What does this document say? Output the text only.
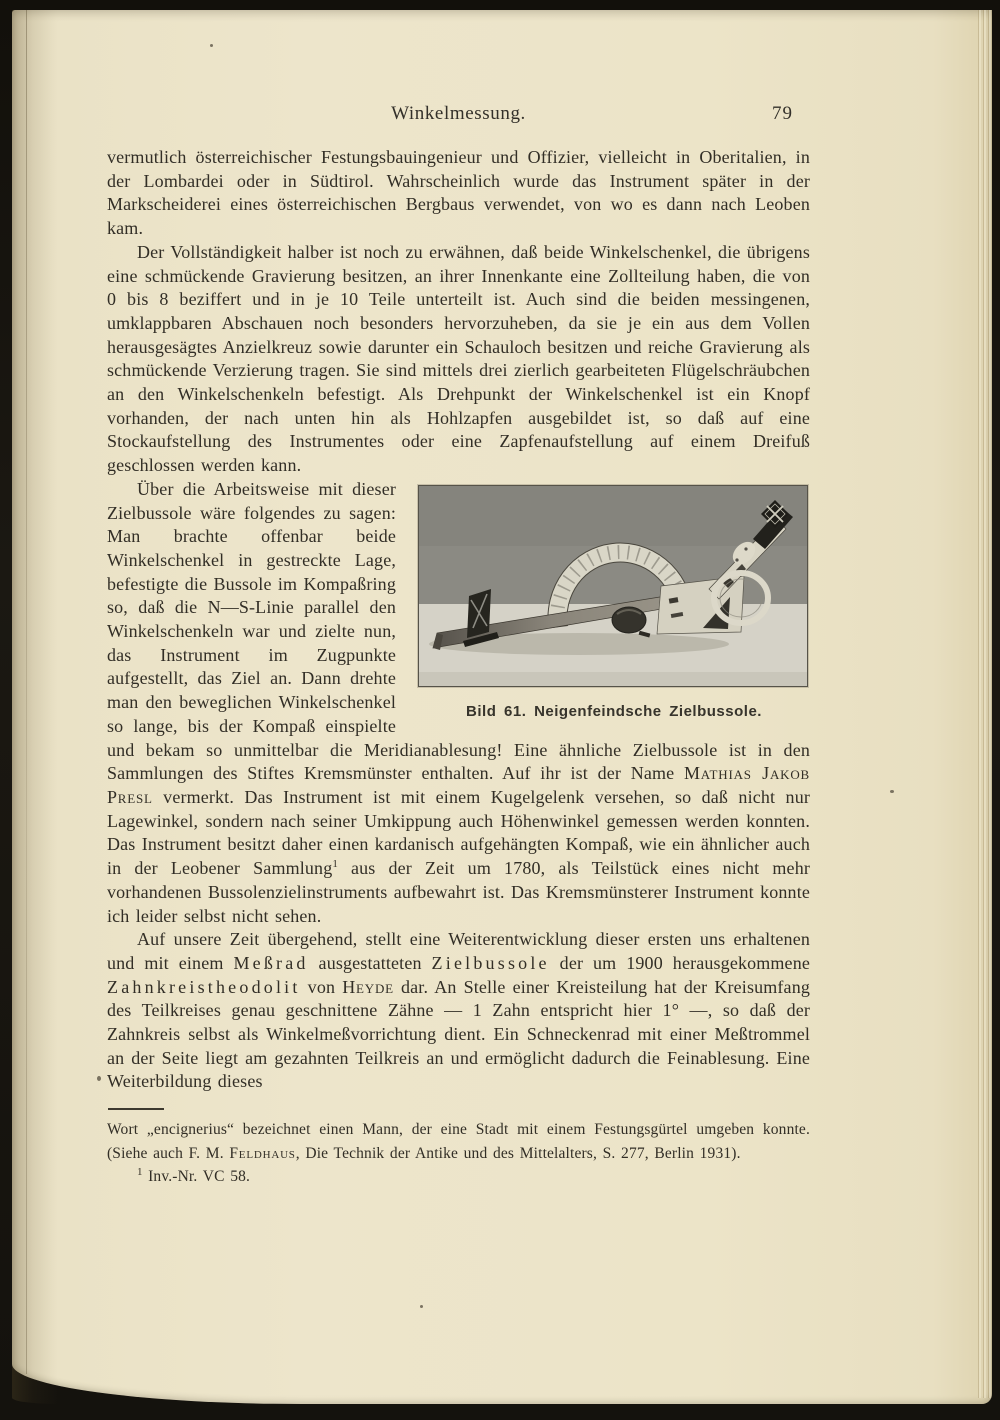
Winkelmessung.	79

vermutlich österreichischer Festungsbauingenieur und Offizier, vielleicht in Oberitalien, in der Lombardei oder in Südtirol. Wahrscheinlich wurde das Instrument später in der Markscheiderei eines österreichischen Bergbaus verwendet, von wo es dann nach Leoben kam.

Der Vollständigkeit halber ist noch zu erwähnen, daß beide Winkelschenkel, die übrigens eine schmückende Gravierung besitzen, an ihrer Innenkante eine Zollteilung haben, die von 0 bis 8 beziffert und in je 10 Teile unterteilt ist. Auch sind die beiden messingenen, umklappbaren Abschauen noch besonders hervorzuheben, da sie je ein aus dem Vollen herausgesägtes Anzielkreuz sowie darunter ein Schauloch besitzen und reiche Gravierung als schmückende Verzierung tragen. Sie sind mittels drei zierlich gearbeiteten Flügelschräubchen an den Winkelschenkeln befestigt. Als Drehpunkt der Winkelschenkel ist ein Knopf vorhanden, der nach unten hin als Hohlzapfen ausgebildet ist, so daß auf eine Stockaufstellung des Instrumentes oder eine Zapfenaufstellung auf einem Dreifuß geschlossen werden kann.

Bild 61. Neigenfeindsche Zielbussole.

Über die Arbeitsweise mit dieser Zielbussole wäre folgendes zu sagen: Man brachte offenbar beide Winkelschenkel in gestreckte Lage, befestigte die Bussole im Kompaßring so, daß die N—S-Linie parallel den Winkelschenkeln war und zielte nun, das Instrument im Zugpunkte aufgestellt, das Ziel an. Dann drehte man den beweglichen Winkelschenkel so lange, bis der Kompaß einspielte und bekam so unmittelbar die Meridianablesung! Eine ähnliche Zielbussole ist in den Sammlungen des Stiftes Kremsmünster enthalten. Auf ihr ist der Name Mathias Jakob Presl vermerkt. Das Instrument ist mit einem Kugelgelenk versehen, so daß nicht nur Lagewinkel, sondern nach seiner Umkippung auch Höhenwinkel gemessen werden konnten. Das Instrument besitzt daher einen kardanisch aufgehängten Kompaß, wie ein ähnlicher auch in der Leobener Sammlung$^1$ aus der Zeit um 1780, als Teilstück eines nicht mehr vorhandenen Bussolenzielinstruments aufbewahrt ist. Das Kremsmünsterer Instrument konnte ich leider selbst nicht sehen.

Auf unsere Zeit übergehend, stellt eine Weiterentwicklung dieser ersten uns erhaltenen und mit einem Meßrad ausgestatteten Zielbussole der um 1900 herausgekommene Zahnkreistheodolit von Heyde dar. An Stelle einer Kreisteilung hat der Kreisumfang des Teilkreises genau geschnittene Zähne — 1 Zahn entspricht hier 1° —, so daß der Zahnkreis selbst als Winkelmeßvorrichtung dient. Ein Schneckenrad mit einer Meßtrommel an der Seite liegt am gezahnten Teilkreis an und ermöglicht dadurch die Feinablesung. Eine Weiterbildung dieses

Wort „encignerius“ bezeichnet einen Mann, der eine Stadt mit einem Festungsgürtel umgeben konnte. (Siehe auch F. M. Feldhaus, Die Technik der Antike und des Mittelalters, S. 277, Berlin 1931).

$^1$ Inv.-Nr. VC 58.
